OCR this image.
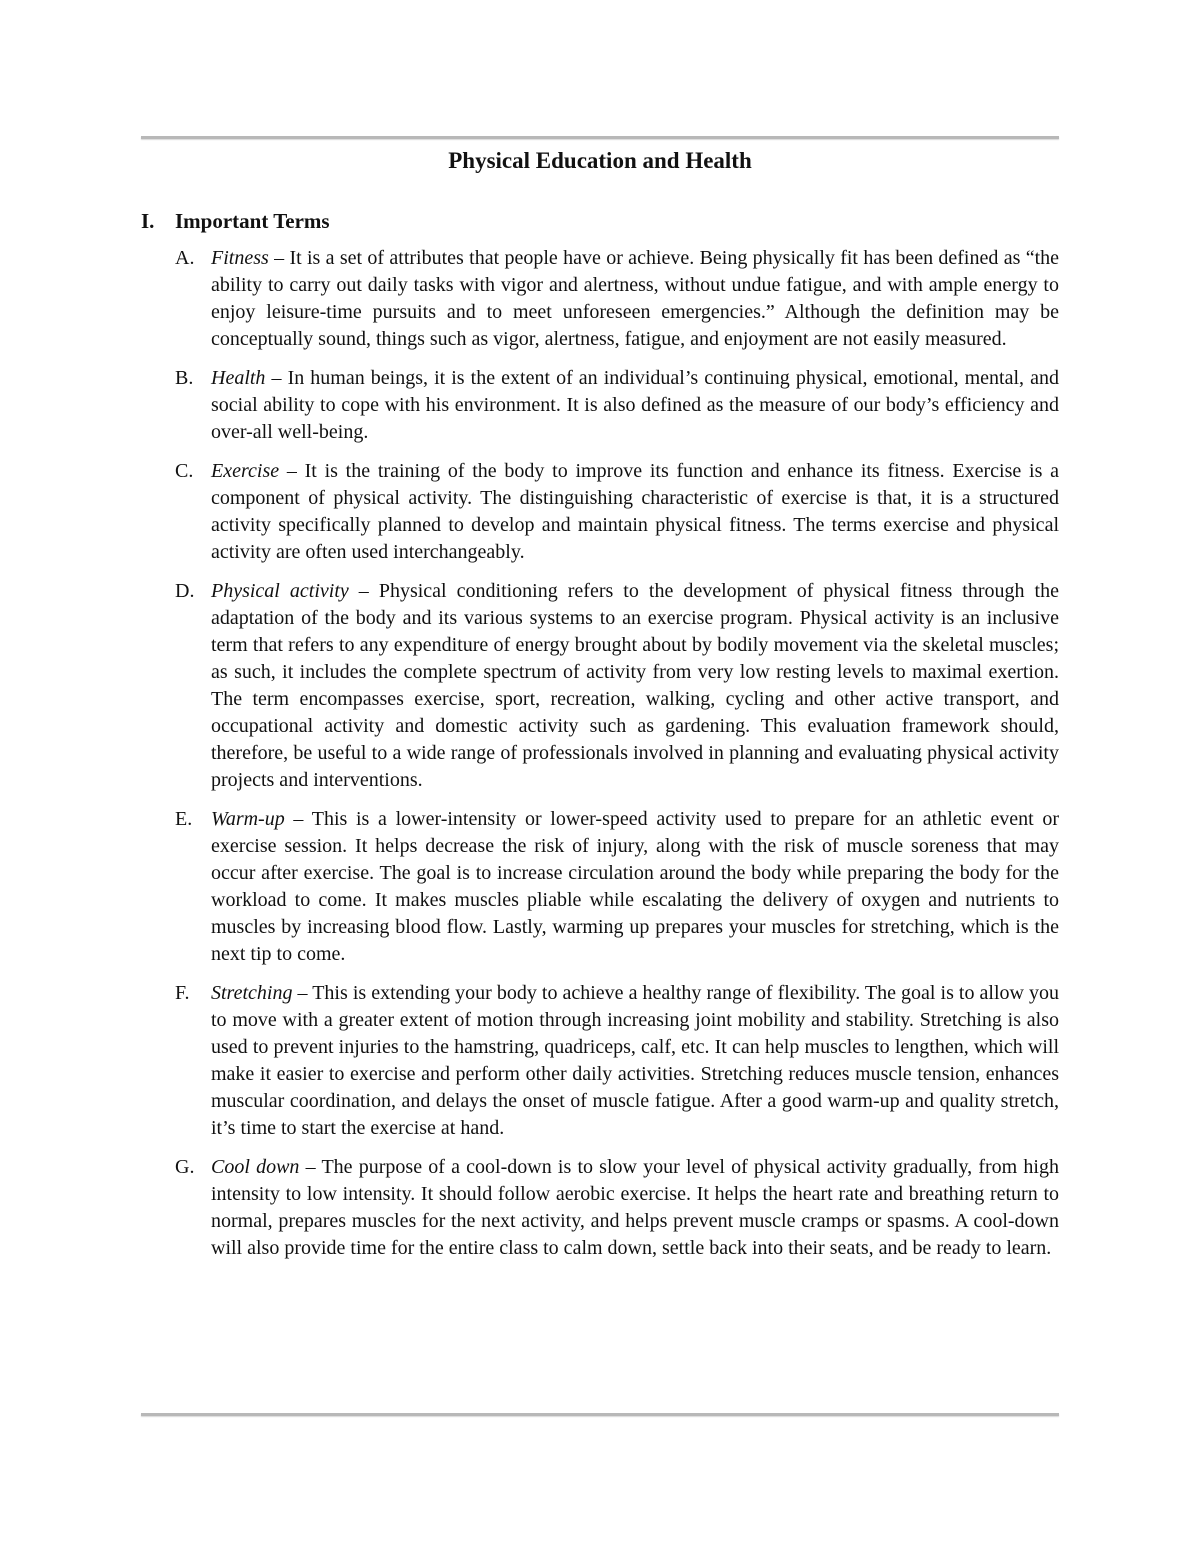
Physical Education and Health
I. Important Terms
A. Fitness – It is a set of attributes that people have or achieve. Being physically fit has been defined as “the ability to carry out daily tasks with vigor and alertness, without undue fatigue, and with ample energy to enjoy leisure-time pursuits and to meet unforeseen emergencies.” Although the definition may be conceptually sound, things such as vigor, alertness, fatigue, and enjoyment are not easily measured.
B. Health – In human beings, it is the extent of an individual’s continuing physical, emotional, mental, and social ability to cope with his environment. It is also defined as the measure of our body’s efficiency and over-all well-being.
C. Exercise – It is the training of the body to improve its function and enhance its fitness. Exercise is a component of physical activity. The distinguishing characteristic of exercise is that, it is a structured activity specifically planned to develop and maintain physical fitness. The terms exercise and physical activity are often used interchangeably.
D. Physical activity – Physical conditioning refers to the development of physical fitness through the adaptation of the body and its various systems to an exercise program. Physical activity is an inclusive term that refers to any expenditure of energy brought about by bodily movement via the skeletal muscles; as such, it includes the complete spectrum of activity from very low resting levels to maximal exertion. The term encompasses exercise, sport, recreation, walking, cycling and other active transport, and occupational activity and domestic activity such as gardening. This evaluation framework should, therefore, be useful to a wide range of professionals involved in planning and evaluating physical activity projects and interventions.
E. Warm-up – This is a lower-intensity or lower-speed activity used to prepare for an athletic event or exercise session. It helps decrease the risk of injury, along with the risk of muscle soreness that may occur after exercise. The goal is to increase circulation around the body while preparing the body for the workload to come. It makes muscles pliable while escalating the delivery of oxygen and nutrients to muscles by increasing blood flow. Lastly, warming up prepares your muscles for stretching, which is the next tip to come.
F. Stretching – This is extending your body to achieve a healthy range of flexibility. The goal is to allow you to move with a greater extent of motion through increasing joint mobility and stability. Stretching is also used to prevent injuries to the hamstring, quadriceps, calf, etc. It can help muscles to lengthen, which will make it easier to exercise and perform other daily activities. Stretching reduces muscle tension, enhances muscular coordination, and delays the onset of muscle fatigue. After a good warm-up and quality stretch, it’s time to start the exercise at hand.
G. Cool down – The purpose of a cool-down is to slow your level of physical activity gradually, from high intensity to low intensity. It should follow aerobic exercise. It helps the heart rate and breathing return to normal, prepares muscles for the next activity, and helps prevent muscle cramps or spasms. A cool-down will also provide time for the entire class to calm down, settle back into their seats, and be ready to learn.
